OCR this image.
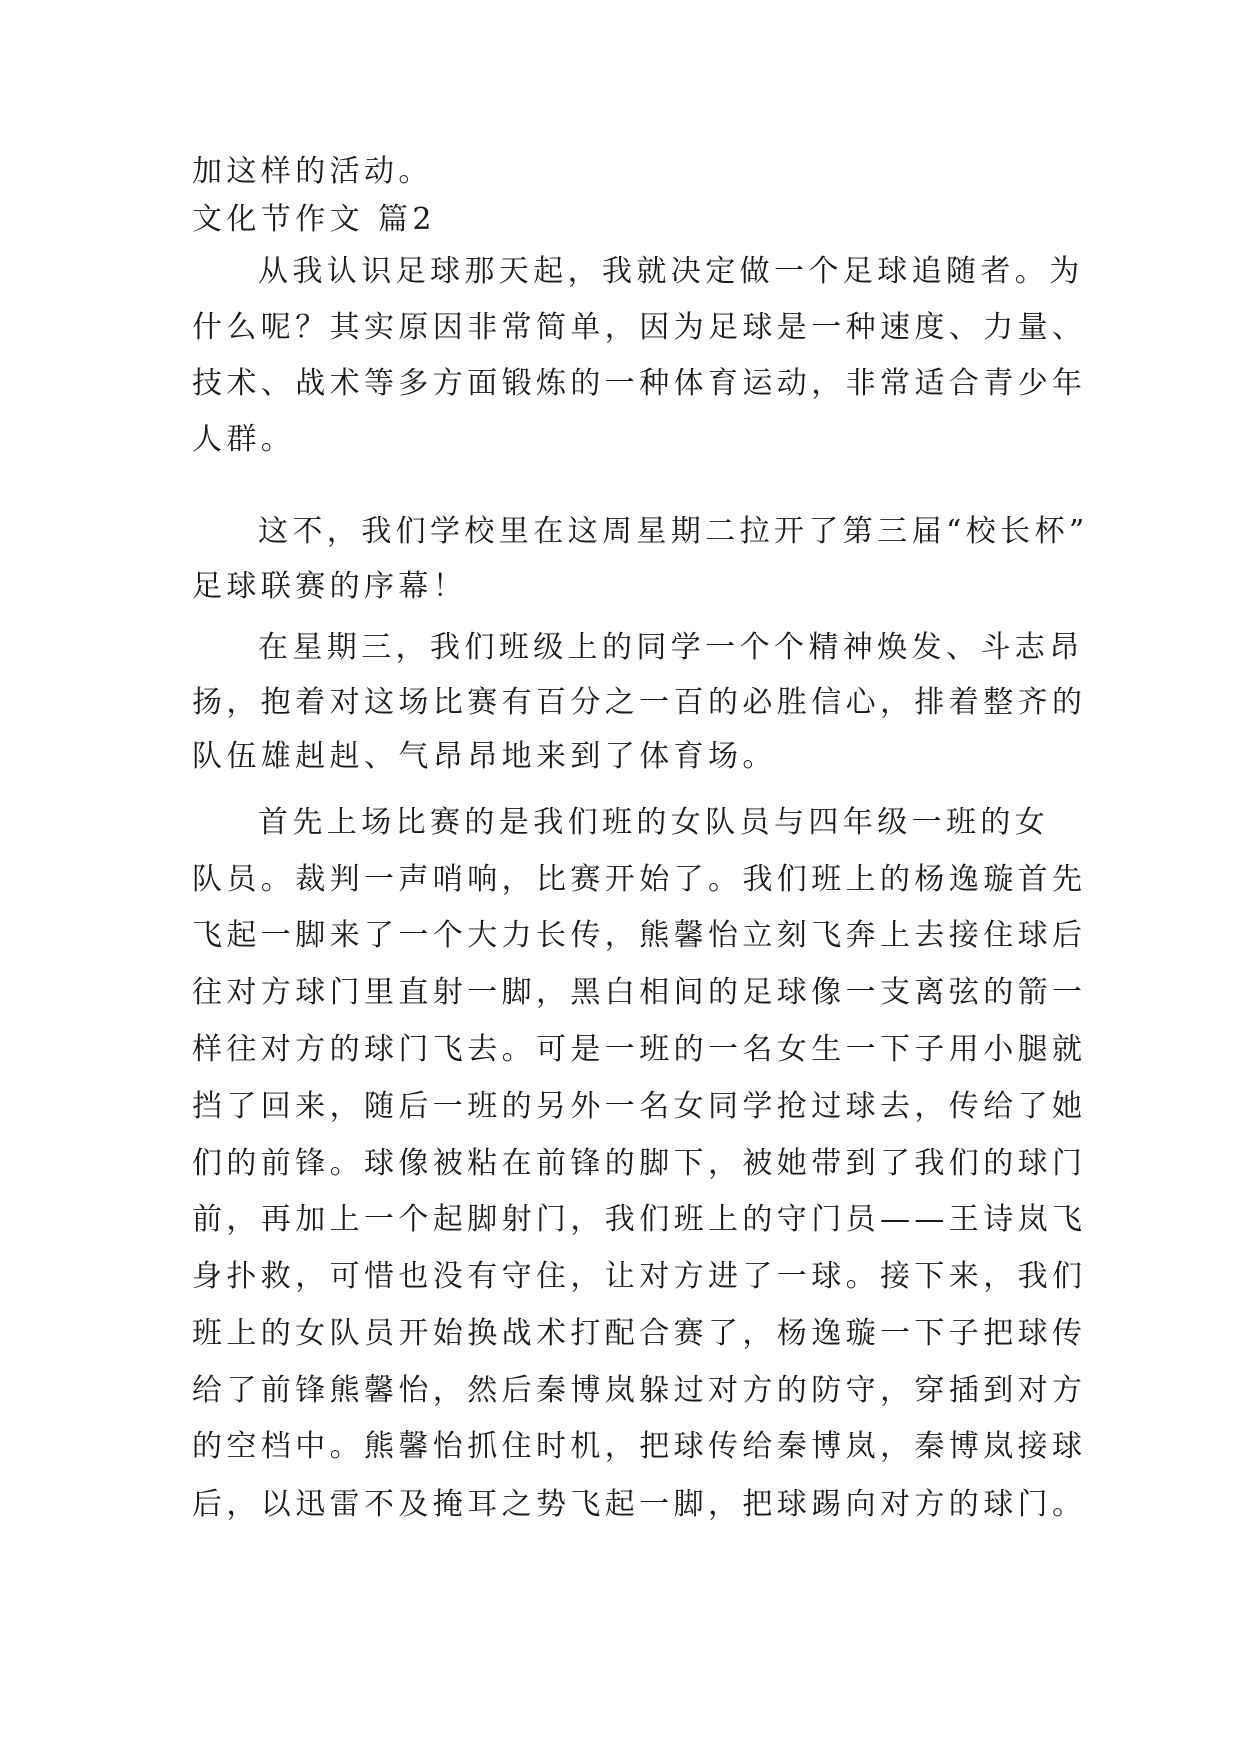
加这样的活动。
文化节作文 篇2
从我认识足球那天起，我就决定做一个足球追随者。为
什么呢？其实原因非常简单，因为足球是一种速度、力量、
技术、战术等多方面锻炼的一种体育运动，非常适合青少年
人群。
这不，我们学校里在这周星期二拉开了第三届“校长杯”
足球联赛的序幕！
在星期三，我们班级上的同学一个个精神焕发、斗志昂
扬，抱着对这场比赛有百分之一百的必胜信心，排着整齐的
队伍雄赳赳、气昂昂地来到了体育场。
首先上场比赛的是我们班的女队员与四年级一班的女
队员。裁判一声哨响，比赛开始了。我们班上的杨逸璇首先
飞起一脚来了一个大力长传，熊馨怡立刻飞奔上去接住球后
往对方球门里直射一脚，黑白相间的足球像一支离弦的箭一
样往对方的球门飞去。可是一班的一名女生一下子用小腿就
挡了回来，随后一班的另外一名女同学抢过球去，传给了她
们的前锋。球像被粘在前锋的脚下，被她带到了我们的球门
前，再加上一个起脚射门，我们班上的守门员——王诗岚飞
身扑救，可惜也没有守住，让对方进了一球。接下来，我们
班上的女队员开始换战术打配合赛了，杨逸璇一下子把球传
给了前锋熊馨怡，然后秦博岚躲过对方的防守，穿插到对方
的空档中。熊馨怡抓住时机，把球传给秦博岚，秦博岚接球
后，以迅雷不及掩耳之势飞起一脚，把球踢向对方的球门。
